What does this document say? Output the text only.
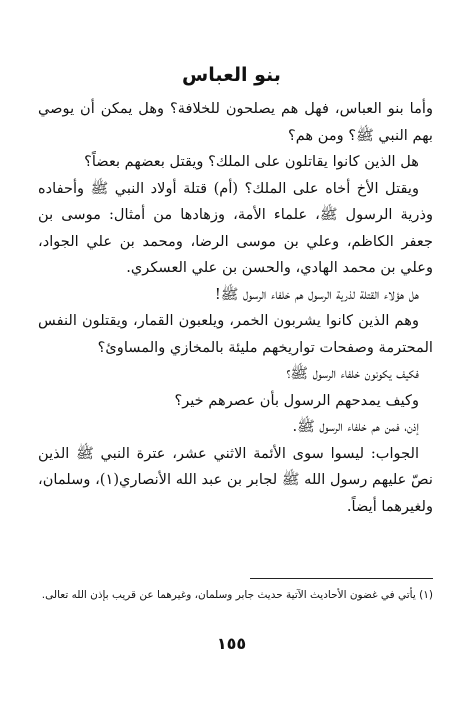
بنو العباس

وأما بنو العباس، فهل هم يصلحون للخلافة؟ وهل يمكن أن يوصي بهم النبي ﷺ؟ ومن هم؟

هل الذين كانوا يقاتلون على الملك؟ ويقتل بعضهم بعضاً؟

ويقتل الأخ أخاه على الملك؟ (أم) قتلة أولاد النبي ﷺ وأحفاده وذرية الرسول ﷺ، علماء الأمة، وزهادها من أمثال: موسى بن جعفر الكاظم، وعلي بن موسى الرضا، ومحمد بن علي الجواد، وعلي بن محمد الهادي، والحسن بن علي العسكري.

هل هؤلاء القتلة لذرية الرسول هم خلفاء الرسول ﷺ!

وهم الذين كانوا يشربون الخمر، ويلعبون القمار، ويقتلون النفس المحترمة وصفحات تواريخهم مليئة بالمخازي والمساوئ؟

فكيف يكونون خلفاء الرسول ﷺ؟

وكيف يمدحهم الرسول بأن عصرهم خير؟

إذن، فمن هم خلفاء الرسول ﷺ.

الجواب: ليسوا سوى الأئمة الاثني عشر، عترة النبي ﷺ الذين نصّ عليهم رسول الله ﷺ لجابر بن عبد الله الأنصاري(١)، وسلمان، ولغيرهما أيضاً.

(١) يأتي في غضون الأحاديث الآتية حديث جابر وسلمان، وغيرهما عن قريب بإذن الله تعالى.
١٥٥
